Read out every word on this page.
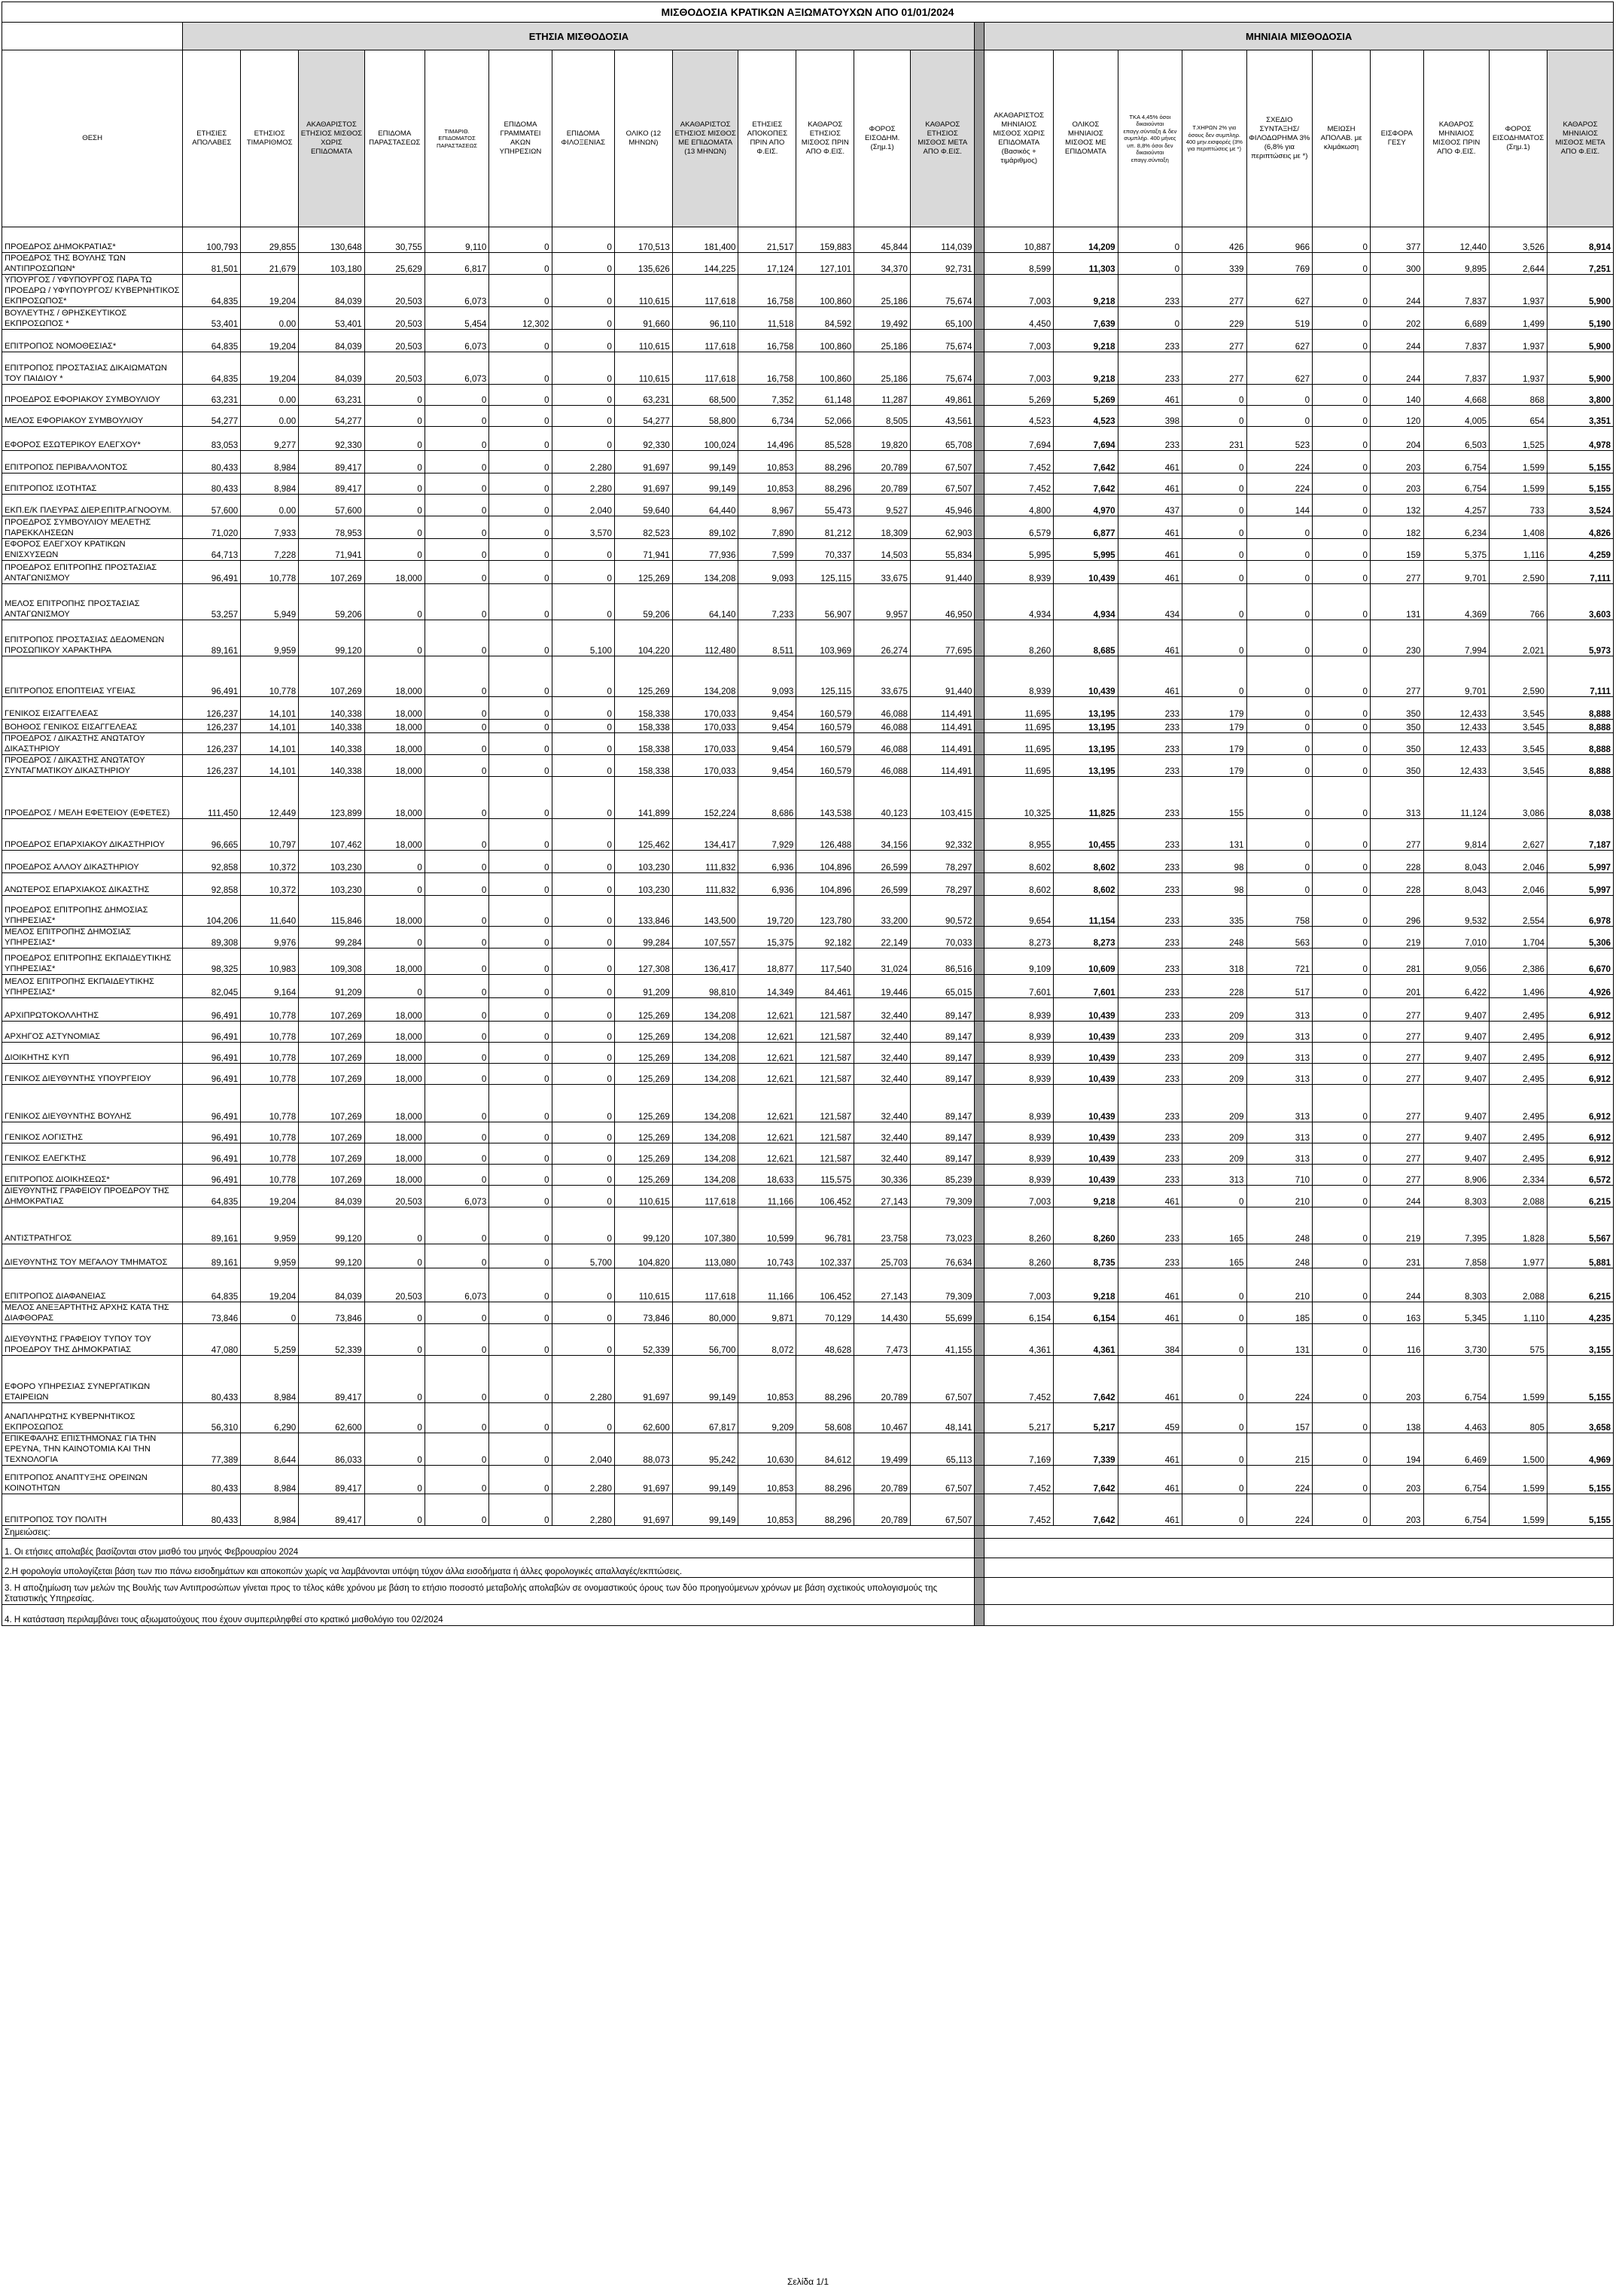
ΜΙΣΘΟΔΟΣΙΑ ΚΡΑΤΙΚΩΝ ΑΞΙΩΜΑΤΟΥΧΩΝ ΑΠΟ 01/01/2024																								
	ΕΤΗΣΙΑ ΜΙΣΘΟΔΟΣΙΑ														ΜΗΝΙΑΙΑ ΜΙΣΘΟΔΟΣΙΑ									
ΘΕΣΗ	ΕΤΗΣΙΕΣ ΑΠΟΛΑΒΕΣ	ΕΤΗΣΙΟΣ ΤΙΜΑΡΙΘΜΟΣ	ΑΚΑΘΑΡΙΣΤΟΣ ΕΤΗΣΙΟΣ ΜΙΣΘΟΣ ΧΩΡΙΣ ΕΠΙΔΟΜΑΤΑ	ΕΠΙΔΟΜΑ ΠΑΡΑΣΤΑΣΕΩΣ	ΤΙΜΑΡΙΘ. ΕΠΙΔΟΜΑΤΟΣ ΠΑΡΑΣΤΑΣΕΩΣ	ΕΠΙΔΟΜΑ ΓΡΑΜΜΑΤΕΙ ΑΚΩΝ ΥΠΗΡΕΣΙΩΝ	ΕΠΙΔΟΜΑ ΦΙΛΟΞΕΝΙΑΣ	ΟΛΙΚΟ (12 ΜΗΝΩΝ)	ΑΚΑΘΑΡΙΣΤΟΣ ΕΤΗΣΙΟΣ ΜΙΣΘΟΣ ΜΕ ΕΠΙΔΟΜΑΤΑ (13 ΜΗΝΩΝ)	ΕΤΗΣΙΕΣ ΑΠΟΚΟΠΕΣ ΠΡΙΝ ΑΠΟ Φ.ΕΙΣ.	ΚΑΘΑΡΟΣ ΕΤΗΣΙΟΣ ΜΙΣΘΟΣ ΠΡΙΝ ΑΠΟ Φ.ΕΙΣ.	ΦΟΡΟΣ ΕΙΣΟΔΗΜ. (Σημ.1)	ΚΑΘΑΡΟΣ ΕΤΗΣΙΟΣ ΜΙΣΘΟΣ ΜΕΤΑ ΑΠΟ Φ.ΕΙΣ.		ΑΚΑΘΑΡΙΣΤΟΣ ΜΗΝΙΑΙΟΣ ΜΙΣΘΟΣ ΧΩΡΙΣ ΕΠΙΔΟΜΑΤΑ (Βασικός + τιμάριθμος)	ΟΛΙΚΟΣ ΜΗΝΙΑΙΟΣ ΜΙΣΘΟΣ ΜΕ ΕΠΙΔΟΜΑΤΑ	ΤΚΑ 4,45% όσοι δικαιούνται επαγγ.σύνταξη & δεν συμπλήρ. 400 μήνες υπ. 8,8% όσοι δεν δικαιούνται επαγγ.σύνταξη	Τ.ΧΗΡΩΝ 2% για όσους δεν συμπληρ. 400 μην.εισφορές (3% για περιπτώσεις με *)	ΣΧΕΔΙΟ ΣΥΝΤΑΞΗΣ/ ΦΙΛΟΔΩΡΗΜΑ 3% (6,8% για περιπτώσεις με *)	ΜΕΙΩΣΗ ΑΠΟΛΑΒ. με κλιμάκωση	ΕΙΣΦΟΡΑ ΓΕΣΥ	ΚΑΘΑΡΟΣ ΜΗΝΙΑΙΟΣ ΜΙΣΘΟΣ ΠΡΙΝ ΑΠΟ Φ.ΕΙΣ.	ΦΟΡΟΣ ΕΙΣΟΔΗΜΑΤΟΣ (Σημ.1)	ΚΑΘΑΡΟΣ ΜΗΝΙΑΙΟΣ ΜΙΣΘΟΣ ΜΕΤΑ ΑΠΟ Φ.ΕΙΣ.
ΠΡΟΕΔΡΟΣ ΔΗΜΟΚΡΑΤΙΑΣ*	100,793	29,855	130,648	30,755	9,110	0	0	170,513	181,400	21,517	159,883	45,844	114,039		10,887	14,209	0	426	966	0	377	12,440	3,526	8,914
ΠΡΟΕΔΡΟΣ ΤΗΣ ΒΟΥΛΗΣ ΤΩΝ ΑΝΤΙΠΡΟΣΩΠΩΝ*	81,501	21,679	103,180	25,629	6,817	0	0	135,626	144,225	17,124	127,101	34,370	92,731		8,599	11,303	0	339	769	0	300	9,895	2,644	7,251
ΥΠΟΥΡΓΟΣ / ΥΦΥΠΟΥΡΓΟΣ ΠΑΡΑ ΤΩ ΠΡΟΕΔΡΩ / ΥΦΥΠΟΥΡΓΟΣ/ ΚΥΒΕΡΝΗΤΙΚΟΣ ΕΚΠΡΟΣΩΠΟΣ*	64,835	19,204	84,039	20,503	6,073	0	0	110,615	117,618	16,758	100,860	25,186	75,674		7,003	9,218	233	277	627	0	244	7,837	1,937	5,900
ΒΟΥΛΕΥΤΗΣ / ΘΡΗΣΚΕΥΤΙΚΟΣ ΕΚΠΡΟΣΩΠΟΣ *	53,401	0.00	53,401	20,503	5,454	12,302	0	91,660	96,110	11,518	84,592	19,492	65,100		4,450	7,639	0	229	519	0	202	6,689	1,499	5,190
ΕΠΙΤΡΟΠΟΣ ΝΟΜΟΘΕΣΙΑΣ*	64,835	19,204	84,039	20,503	6,073	0	0	110,615	117,618	16,758	100,860	25,186	75,674		7,003	9,218	233	277	627	0	244	7,837	1,937	5,900
ΕΠΙΤΡΟΠΟΣ ΠΡΟΣΤΑΣΙΑΣ ΔΙΚΑΙΩΜΑΤΩΝ ΤΟΥ ΠΑΙΔΙΟΥ *	64,835	19,204	84,039	20,503	6,073	0	0	110,615	117,618	16,758	100,860	25,186	75,674		7,003	9,218	233	277	627	0	244	7,837	1,937	5,900
ΠΡΟΕΔΡΟΣ ΕΦΟΡΙΑΚΟΥ ΣΥΜΒΟΥΛΙΟΥ	63,231	0.00	63,231	0	0	0	0	63,231	68,500	7,352	61,148	11,287	49,861		5,269	5,269	461	0	0	0	140	4,668	868	3,800
ΜΕΛΟΣ ΕΦΟΡΙΑΚΟΥ ΣΥΜΒΟΥΛΙΟΥ	54,277	0.00	54,277	0	0	0	0	54,277	58,800	6,734	52,066	8,505	43,561		4,523	4,523	398	0	0	0	120	4,005	654	3,351
ΕΦΟΡΟΣ ΕΣΩΤΕΡΙΚΟΥ ΕΛΕΓΧΟΥ*	83,053	9,277	92,330	0	0	0	0	92,330	100,024	14,496	85,528	19,820	65,708		7,694	7,694	233	231	523	0	204	6,503	1,525	4,978
ΕΠΙΤΡΟΠΟΣ ΠΕΡΙΒΑΛΛΟΝΤΟΣ	80,433	8,984	89,417	0	0	0	2,280	91,697	99,149	10,853	88,296	20,789	67,507		7,452	7,642	461	0	224	0	203	6,754	1,599	5,155
ΕΠΙΤΡΟΠΟΣ ΙΣΟΤΗΤΑΣ	80,433	8,984	89,417	0	0	0	2,280	91,697	99,149	10,853	88,296	20,789	67,507		7,452	7,642	461	0	224	0	203	6,754	1,599	5,155
ΕΚΠ.Ε/Κ ΠΛΕΥΡΑΣ ΔΙΕΡ.ΕΠΙΤΡ.ΑΓΝΟΟΥΜ.	57,600	0.00	57,600	0	0	0	2,040	59,640	64,440	8,967	55,473	9,527	45,946		4,800	4,970	437	0	144	0	132	4,257	733	3,524
ΠΡΟΕΔΡΟΣ ΣΥΜΒΟΥΛΙΟΥ ΜΕΛΕΤΗΣ ΠΑΡΕΚΚΛΗΣΕΩΝ	71,020	7,933	78,953	0	0	0	3,570	82,523	89,102	7,890	81,212	18,309	62,903		6,579	6,877	461	0	0	0	182	6,234	1,408	4,826
ΕΦΟΡΟΣ ΕΛΕΓΧΟΥ ΚΡΑΤΙΚΩΝ ΕΝΙΣΧΥΣΕΩΝ	64,713	7,228	71,941	0	0	0	0	71,941	77,936	7,599	70,337	14,503	55,834		5,995	5,995	461	0	0	0	159	5,375	1,116	4,259
ΠΡΟΕΔΡΟΣ ΕΠΙΤΡΟΠΗΣ ΠΡΟΣΤΑΣΙΑΣ ΑΝΤΑΓΩΝΙΣΜΟΥ	96,491	10,778	107,269	18,000	0	0	0	125,269	134,208	9,093	125,115	33,675	91,440		8,939	10,439	461	0	0	0	277	9,701	2,590	7,111
ΜΕΛΟΣ ΕΠΙΤΡΟΠΗΣ ΠΡΟΣΤΑΣΙΑΣ ΑΝΤΑΓΩΝΙΣΜΟΥ	53,257	5,949	59,206	0	0	0	0	59,206	64,140	7,233	56,907	9,957	46,950		4,934	4,934	434	0	0	0	131	4,369	766	3,603
ΕΠΙΤΡΟΠΟΣ ΠΡΟΣΤΑΣΙΑΣ ΔΕΔΟΜΕΝΩΝ ΠΡΟΣΩΠΙΚΟΥ ΧΑΡΑΚΤΗΡΑ	89,161	9,959	99,120	0	0	0	5,100	104,220	112,480	8,511	103,969	26,274	77,695		8,260	8,685	461	0	0	0	230	7,994	2,021	5,973
ΕΠΙΤΡΟΠΟΣ ΕΠΟΠΤΕΙΑΣ ΥΓΕΙΑΣ	96,491	10,778	107,269	18,000	0	0	0	125,269	134,208	9,093	125,115	33,675	91,440		8,939	10,439	461	0	0	0	277	9,701	2,590	7,111
ΓΕΝΙΚΟΣ ΕΙΣΑΓΓΕΛΕΑΣ	126,237	14,101	140,338	18,000	0	0	0	158,338	170,033	9,454	160,579	46,088	114,491		11,695	13,195	233	179	0	0	350	12,433	3,545	8,888
ΒΟΗΘΟΣ ΓΕΝΙΚΟΣ ΕΙΣΑΓΓΕΛΕΑΣ	126,237	14,101	140,338	18,000	0	0	0	158,338	170,033	9,454	160,579	46,088	114,491		11,695	13,195	233	179	0	0	350	12,433	3,545	8,888
ΠΡΟΕΔΡΟΣ / ΔΙΚΑΣΤΗΣ ΑΝΩΤΑΤΟΥ ΔΙΚΑΣΤΗΡΙΟΥ	126,237	14,101	140,338	18,000	0	0	0	158,338	170,033	9,454	160,579	46,088	114,491		11,695	13,195	233	179	0	0	350	12,433	3,545	8,888
ΠΡΟΕΔΡΟΣ / ΔΙΚΑΣΤΗΣ ΑΝΩΤΑΤΟΥ ΣΥΝΤΑΓΜΑΤΙΚΟΥ ΔΙΚΑΣΤΗΡΙΟΥ	126,237	14,101	140,338	18,000	0	0	0	158,338	170,033	9,454	160,579	46,088	114,491		11,695	13,195	233	179	0	0	350	12,433	3,545	8,888
ΠΡΟΕΔΡΟΣ / ΜΕΛΗ ΕΦΕΤΕΙΟΥ (ΕΦΕΤΕΣ)	111,450	12,449	123,899	18,000	0	0	0	141,899	152,224	8,686	143,538	40,123	103,415		10,325	11,825	233	155	0	0	313	11,124	3,086	8,038
ΠΡΟΕΔΡΟΣ ΕΠΑΡΧΙΑΚΟΥ ΔΙΚΑΣΤΗΡΙΟΥ	96,665	10,797	107,462	18,000	0	0	0	125,462	134,417	7,929	126,488	34,156	92,332		8,955	10,455	233	131	0	0	277	9,814	2,627	7,187
ΠΡΟΕΔΡΟΣ ΑΛΛΟΥ ΔΙΚΑΣΤΗΡΙΟΥ	92,858	10,372	103,230	0	0	0	0	103,230	111,832	6,936	104,896	26,599	78,297		8,602	8,602	233	98	0	0	228	8,043	2,046	5,997
ΑΝΩΤΕΡΟΣ ΕΠΑΡΧΙΑΚΟΣ ΔΙΚΑΣΤΗΣ	92,858	10,372	103,230	0	0	0	0	103,230	111,832	6,936	104,896	26,599	78,297		8,602	8,602	233	98	0	0	228	8,043	2,046	5,997
ΠΡΟΕΔΡΟΣ ΕΠΙΤΡΟΠΗΣ ΔΗΜΟΣΙΑΣ ΥΠΗΡΕΣΙΑΣ*	104,206	11,640	115,846	18,000	0	0	0	133,846	143,500	19,720	123,780	33,200	90,572		9,654	11,154	233	335	758	0	296	9,532	2,554	6,978
ΜΕΛΟΣ ΕΠΙΤΡΟΠΗΣ ΔΗΜΟΣΙΑΣ ΥΠΗΡΕΣΙΑΣ*	89,308	9,976	99,284	0	0	0	0	99,284	107,557	15,375	92,182	22,149	70,033		8,273	8,273	233	248	563	0	219	7,010	1,704	5,306
ΠΡΟΕΔΡΟΣ ΕΠΙΤΡΟΠΗΣ ΕΚΠΑΙΔΕΥΤΙΚΗΣ ΥΠΗΡΕΣΙΑΣ*	98,325	10,983	109,308	18,000	0	0	0	127,308	136,417	18,877	117,540	31,024	86,516		9,109	10,609	233	318	721	0	281	9,056	2,386	6,670
ΜΕΛΟΣ ΕΠΙΤΡΟΠΗΣ ΕΚΠΑΙΔΕΥΤΙΚΗΣ ΥΠΗΡΕΣΙΑΣ*	82,045	9,164	91,209	0	0	0	0	91,209	98,810	14,349	84,461	19,446	65,015		7,601	7,601	233	228	517	0	201	6,422	1,496	4,926
ΑΡΧΙΠΡΩΤΟΚΟΛΛΗΤΗΣ	96,491	10,778	107,269	18,000	0	0	0	125,269	134,208	12,621	121,587	32,440	89,147		8,939	10,439	233	209	313	0	277	9,407	2,495	6,912
ΑΡΧΗΓΟΣ ΑΣΤΥΝΟΜΙΑΣ	96,491	10,778	107,269	18,000	0	0	0	125,269	134,208	12,621	121,587	32,440	89,147		8,939	10,439	233	209	313	0	277	9,407	2,495	6,912
ΔΙΟΙΚΗΤΗΣ ΚΥΠ	96,491	10,778	107,269	18,000	0	0	0	125,269	134,208	12,621	121,587	32,440	89,147		8,939	10,439	233	209	313	0	277	9,407	2,495	6,912
ΓΕΝΙΚΟΣ ΔΙΕΥΘΥΝΤΗΣ ΥΠΟΥΡΓΕΙΟΥ	96,491	10,778	107,269	18,000	0	0	0	125,269	134,208	12,621	121,587	32,440	89,147		8,939	10,439	233	209	313	0	277	9,407	2,495	6,912
ΓΕΝΙΚΟΣ ΔΙΕΥΘΥΝΤΗΣ ΒΟΥΛΗΣ	96,491	10,778	107,269	18,000	0	0	0	125,269	134,208	12,621	121,587	32,440	89,147		8,939	10,439	233	209	313	0	277	9,407	2,495	6,912
ΓΕΝΙΚΟΣ ΛΟΓΙΣΤΗΣ	96,491	10,778	107,269	18,000	0	0	0	125,269	134,208	12,621	121,587	32,440	89,147		8,939	10,439	233	209	313	0	277	9,407	2,495	6,912
ΓΕΝΙΚΟΣ ΕΛΕΓΚΤΗΣ	96,491	10,778	107,269	18,000	0	0	0	125,269	134,208	12,621	121,587	32,440	89,147		8,939	10,439	233	209	313	0	277	9,407	2,495	6,912
ΕΠΙΤΡΟΠΟΣ ΔΙΟΙΚΗΣΕΩΣ*	96,491	10,778	107,269	18,000	0	0	0	125,269	134,208	18,633	115,575	30,336	85,239		8,939	10,439	233	313	710	0	277	8,906	2,334	6,572
ΔΙΕΥΘΥΝΤΗΣ ΓΡΑΦΕΙΟΥ ΠΡΟΕΔΡΟΥ ΤΗΣ ΔΗΜΟΚΡΑΤΙΑΣ	64,835	19,204	84,039	20,503	6,073	0	0	110,615	117,618	11,166	106,452	27,143	79,309		7,003	9,218	461	0	210	0	244	8,303	2,088	6,215
ΑΝΤΙΣΤΡΑΤΗΓΟΣ	89,161	9,959	99,120	0	0	0	0	99,120	107,380	10,599	96,781	23,758	73,023		8,260	8,260	233	165	248	0	219	7,395	1,828	5,567
ΔΙΕΥΘΥΝΤΗΣ ΤΟΥ ΜΕΓΑΛΟΥ ΤΜΗΜΑΤΟΣ	89,161	9,959	99,120	0	0	0	5,700	104,820	113,080	10,743	102,337	25,703	76,634		8,260	8,735	233	165	248	0	231	7,858	1,977	5,881
ΕΠΙΤΡΟΠΟΣ ΔΙΑΦΑΝΕΙΑΣ	64,835	19,204	84,039	20,503	6,073	0	0	110,615	117,618	11,166	106,452	27,143	79,309		7,003	9,218	461	0	210	0	244	8,303	2,088	6,215
ΜΕΛΟΣ ΑΝΕΞΑΡΤΗΤΗΣ ΑΡΧΗΣ ΚΑΤΑ ΤΗΣ ΔΙΑΦΘΟΡΑΣ	73,846	0	73,846	0	0	0	0	73,846	80,000	9,871	70,129	14,430	55,699		6,154	6,154	461	0	185	0	163	5,345	1,110	4,235
ΔΙΕΥΘΥΝΤΗΣ ΓΡΑΦΕΙΟΥ ΤΥΠΟΥ ΤΟΥ ΠΡΟΕΔΡΟΥ ΤΗΣ ΔΗΜΟΚΡΑΤΙΑΣ	47,080	5,259	52,339	0	0	0	0	52,339	56,700	8,072	48,628	7,473	41,155		4,361	4,361	384	0	131	0	116	3,730	575	3,155
ΕΦΟΡΟ ΥΠΗΡΕΣΙΑΣ ΣΥΝΕΡΓΑΤΙΚΩΝ ΕΤΑΙΡΕΙΩΝ	80,433	8,984	89,417	0	0	0	2,280	91,697	99,149	10,853	88,296	20,789	67,507		7,452	7,642	461	0	224	0	203	6,754	1,599	5,155
ΑΝΑΠΛΗΡΩΤΗΣ ΚΥΒΕΡΝΗΤΙΚΟΣ ΕΚΠΡΟΣΩΠΟΣ	56,310	6,290	62,600	0	0	0	0	62,600	67,817	9,209	58,608	10,467	48,141		5,217	5,217	459	0	157	0	138	4,463	805	3,658
ΕΠΙΚΕΦΑΛΗΣ ΕΠΙΣΤΗΜΟΝΑΣ ΓΙΑ ΤΗΝ ΕΡΕΥΝΑ, ΤΗΝ ΚΑΙΝΟΤΟΜΙΑ ΚΑΙ ΤΗΝ ΤΕΧΝΟΛΟΓΙΑ	77,389	8,644	86,033	0	0	0	2,040	88,073	95,242	10,630	84,612	19,499	65,113		7,169	7,339	461	0	215	0	194	6,469	1,500	4,969
ΕΠΙΤΡΟΠΟΣ ΑΝΑΠΤΥΞΗΣ ΟΡΕΙΝΩΝ ΚΟΙΝΟΤΗΤΩΝ	80,433	8,984	89,417	0	0	0	2,280	91,697	99,149	10,853	88,296	20,789	67,507		7,452	7,642	461	0	224	0	203	6,754	1,599	5,155
ΕΠΙΤΡΟΠΟΣ ΤΟΥ ΠΟΛΙΤΗ	80,433	8,984	89,417	0	0	0	2,280	91,697	99,149	10,853	88,296	20,789	67,507		7,452	7,642	461	0	224	0	203	6,754	1,599	5,155
Σημειώσεις:																								
1. Οι ετήσιες απολαβές βασίζονται στον μισθό του μηνός Φεβρουαρίου 2024																								
2.Η φορολογία υπολογίζεται βάση των πιο πάνω εισοδημάτων και αποκοπών χωρίς να λαμβάνονται υπόψη τύχον άλλα εισοδήματα ή άλλες φορολογικές απαλλαγές/εκπτώσεις.																								
3. Η αποζημίωση των μελών της Βουλής των Αντιπροσώπων γίνεται προς το τέλος κάθε χρόνου με βάση το ετήσιο ποσοστό μεταβολής απολαβών σε ονομαστικούς όρους των δύο προηγούμενων χρόνων με βάση σχετικούς υπολογισμούς της Στατιστικής Υπηρεσίας.																								
4. Η κατάσταση περιλαμβάνει τους αξιωματούχους που έχουν συμπεριληφθεί στο κρατικό μισθολόγιο του 02/2024																								
Σελίδα 1/1
